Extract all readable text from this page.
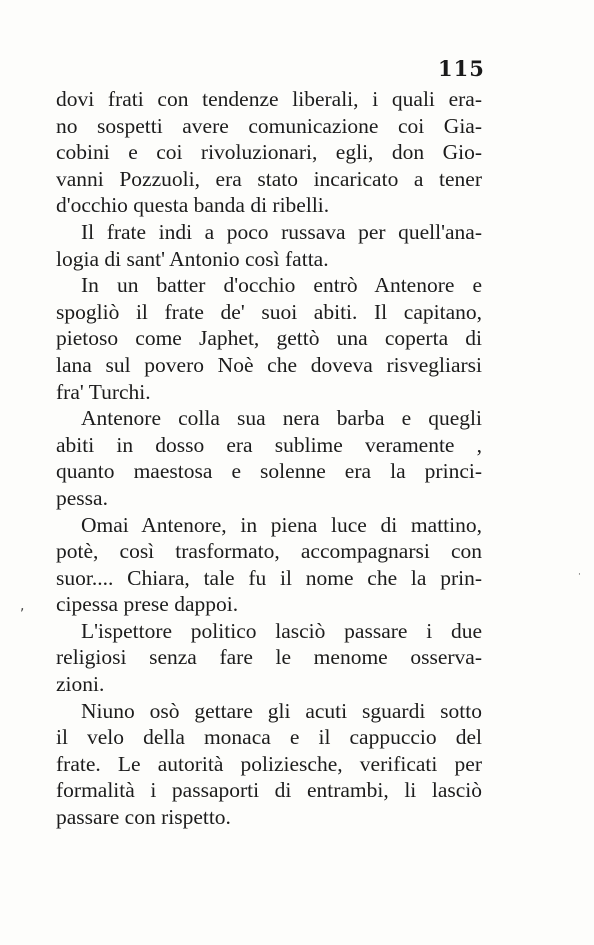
115
dovi frati con tendenze liberali, i quali era-
no sospetti avere comunicazione coi Gia-
cobini e coi rivoluzionari, egli, don Gio-
vanni Pozzuoli, era stato incaricato a tener
d'occhio questa banda di ribelli.
Il frate indi a poco russava per quell'ana-
logia di sant' Antonio così fatta.
In un batter d'occhio entrò Antenore e
spogliò il frate de' suoi abiti. Il capitano,
pietoso come Japhet, gettò una coperta di
lana sul povero Noè che doveva risvegliarsi
fra' Turchi.
Antenore colla sua nera barba e quegli
abiti in dosso era sublime veramente ,
quanto maestosa e solenne era la princi-
pessa.
Omai Antenore, in piena luce di mattino,
potè, così trasformato, accompagnarsi con
suor.... Chiara, tale fu il nome che la prin-
cipessa prese dappoi.
L'ispettore politico lasciò passare i due
religiosi senza fare le menome osserva-
zioni.
Niuno osò gettare gli acuti sguardi sotto
il velo della monaca e il cappuccio del
frate. Le autorità poliziesche, verificati per
formalità i passaporti di entrambi, li lasciò
passare con rispetto.
,
·
